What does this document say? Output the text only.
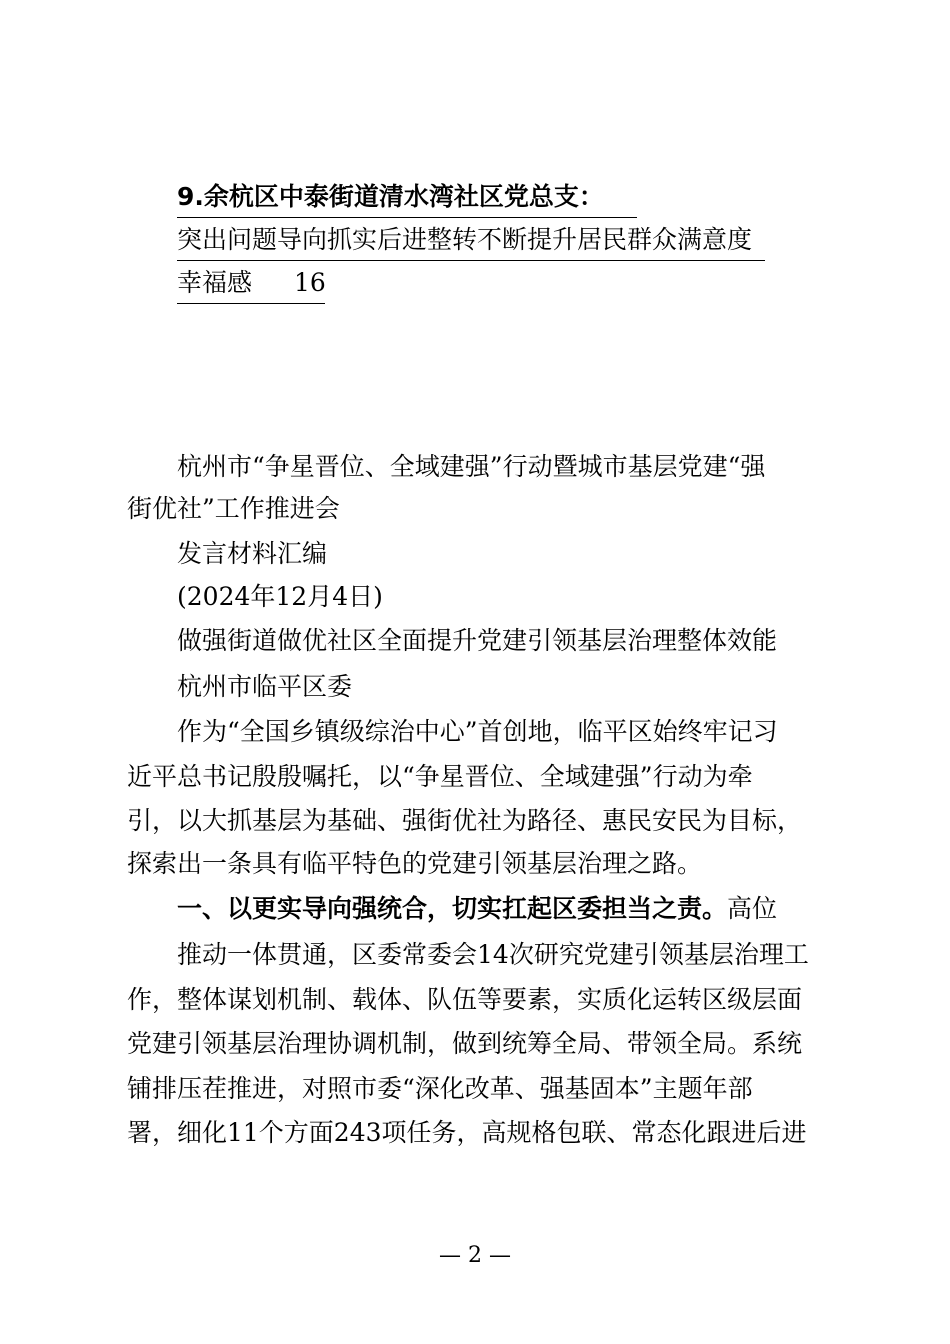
9.余杭区中泰街道清水湾社区党总支：
突出问题导向抓实后进整转不断提升居民群众满意度
幸福感 16
杭州市“争星晋位、全域建强”行动暨城市基层党建“强
街优社”工作推进会
发言材料汇编
(2024年12月4日)
做强街道做优社区全面提升党建引领基层治理整体效能
杭州市临平区委
作为“全国乡镇级综治中心”首创地，临平区始终牢记习
近平总书记殷殷嘱托，以“争星晋位、全域建强”行动为牵
引，以大抓基层为基础、强街优社为路径、惠民安民为目标，
探索出一条具有临平特色的党建引领基层治理之路。
一、以更实导向强统合，切实扛起区委担当之责。高位
推动一体贯通，区委常委会14次研究党建引领基层治理工
作，整体谋划机制、载体、队伍等要素，实质化运转区级层面
党建引领基层治理协调机制，做到统筹全局、带领全局。系统
铺排压茬推进，对照市委“深化改革、强基固本”主题年部
署，细化11个方面243项任务，高规格包联、常态化跟进后进
— 2 —
